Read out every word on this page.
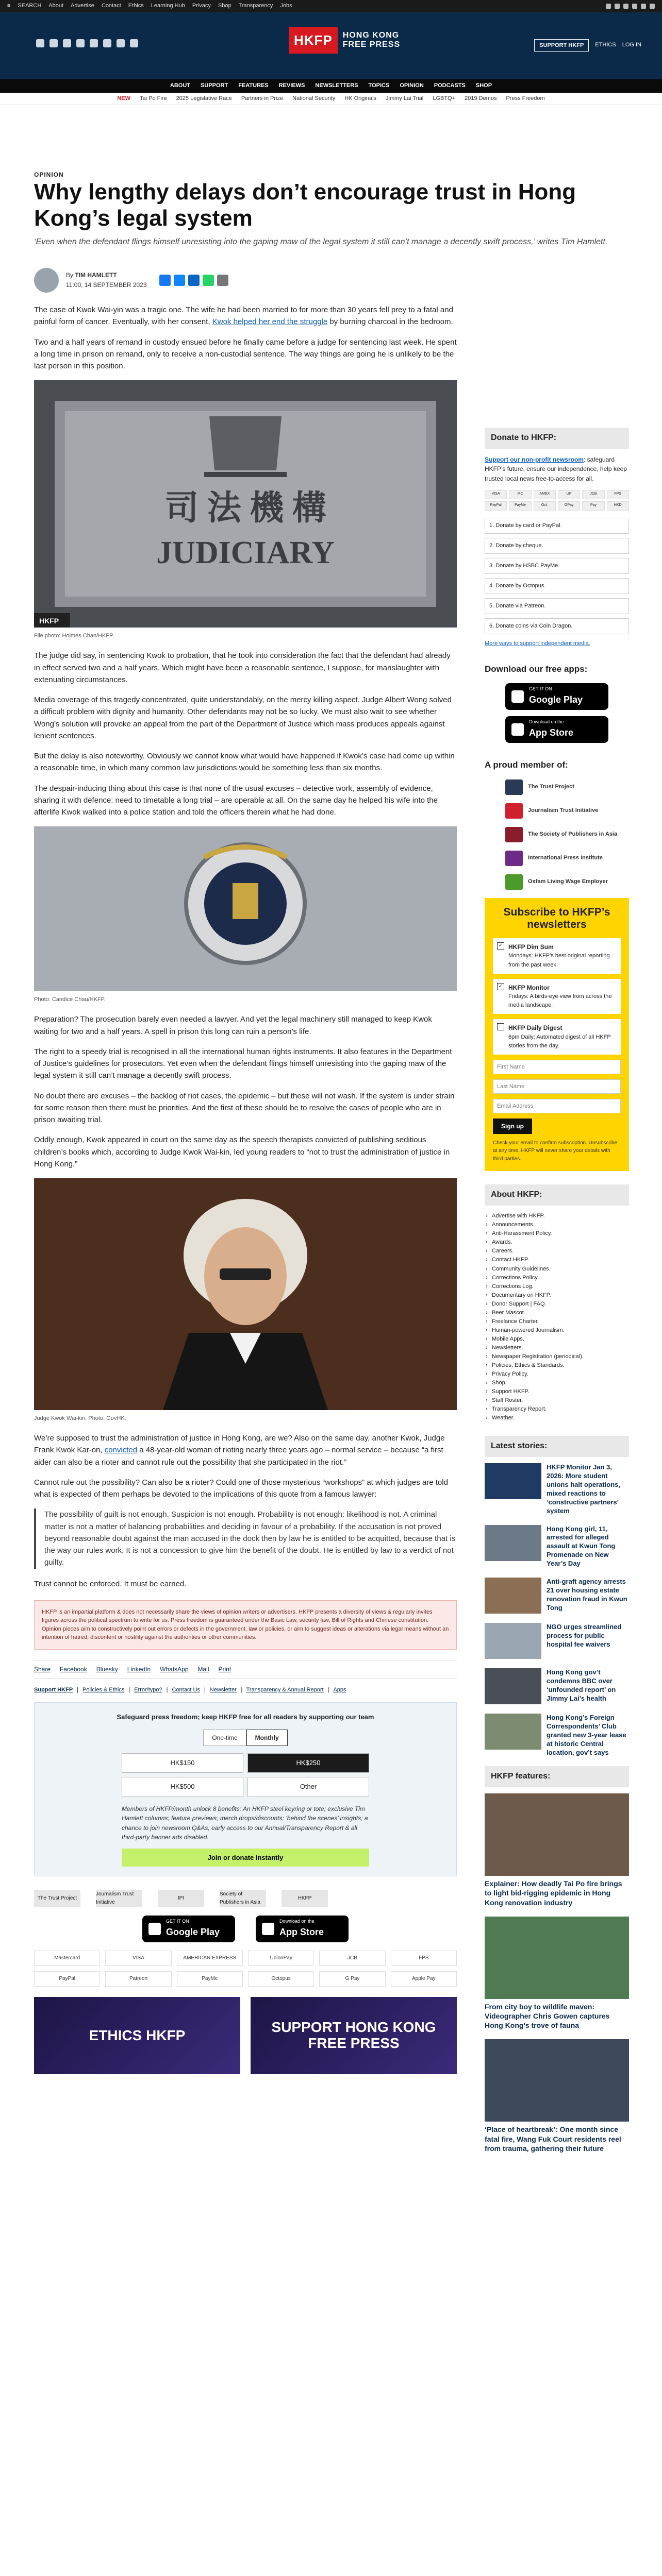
≡ SEARCH About Advertise Contact Ethics Learning Hub Privacy Shop Transparency Jobs
HKFP	HONG KONG
FREE PRESS	SUPPORT HKFP	ETHICS LOG IN
ABOUT SUPPORT FEATURES REVIEWS NEWSLETTERS TOPICS OPINION PODCASTS SHOP
NEW Tai Po Fire 2025 Legislative Race Partners in Prize National Security HK Originals Jimmy Lai Trial LGBTQ+ 2019 Demos Press Freedom
OPINION
Why lengthy delays don’t encourage trust in Hong Kong’s legal system
‘Even when the defendant flings himself unresisting into the gaping maw of the legal system it still can’t manage a decently swift process,’ writes Tim Hamlett.
By TIM HAMLETT
11:00, 14 SEPTEMBER 2023

The case of Kwok Wai-yin was a tragic one. The wife he had been married to for more than 30 years fell prey to a fatal and painful form of cancer. Eventually, with her consent, Kwok helped her end the struggle by burning charcoal in the bedroom.

Two and a half years of remand in custody ensued before he finally came before a judge for sentencing last week. He spent a long time in prison on remand, only to receive a non-custodial sentence. The way things are going he is unlikely to be the last person in this position.

司 法 機 構
JUDICIARY
HKFP
File photo: Holmes Chan/HKFP.

The judge did say, in sentencing Kwok to probation, that he took into consideration the fact that the defendant had already in effect served two and a half years. Which might have been a reasonable sentence, I suppose, for manslaughter with extenuating circumstances.

Media coverage of this tragedy concentrated, quite understandably, on the mercy killing aspect. Judge Albert Wong solved a difficult problem with dignity and humanity. Other defendants may not be so lucky. We must also wait to see whether Wong’s solution will provoke an appeal from the part of the Department of Justice which mass produces appeals against lenient sentences.

But the delay is also noteworthy. Obviously we cannot know what would have happened if Kwok’s case had come up within a reasonable time, in which many common law jurisdictions would be something less than six months.

The despair-inducing thing about this case is that none of the usual excuses – detective work, assembly of evidence, sharing it with defence: need to timetable a long trial – are operable at all. On the same day he helped his wife into the afterlife Kwok walked into a police station and told the officers therein what he had done.

Photo: Candice Chau/HKFP.

Preparation? The prosecution barely even needed a lawyer. And yet the legal machinery still managed to keep Kwok waiting for two and a half years. A spell in prison this long can ruin a person’s life.

The right to a speedy trial is recognised in all the international human rights instruments. It also features in the Department of Justice’s guidelines for prosecutors. Yet even when the defendant flings himself unresisting into the gaping maw of the legal system it still can’t manage a decently swift process.

No doubt there are excuses – the backlog of riot cases, the epidemic – but these will not wash. If the system is under strain for some reason then there must be priorities. And the first of these should be to resolve the cases of people who are in prison awaiting trial.

Oddly enough, Kwok appeared in court on the same day as the speech therapists convicted of publishing seditious children’s books which, according to Judge Kwok Wai-kin, led young readers to “not to trust the administration of justice in Hong Kong.”

Judge Kwok Wai-kin. Photo: GovHK.

We’re supposed to trust the administration of justice in Hong Kong, are we? Also on the same day, another Kwok, Judge Frank Kwok Kar-on, convicted a 48-year-old woman of rioting nearly three years ago – normal service – because “a first aider can also be a rioter and cannot rule out the possibility that she participated in the riot.”

Cannot rule out the possibility? Can also be a rioter? Could one of those mysterious “workshops” at which judges are told what is expected of them perhaps be devoted to the implications of this quote from a famous lawyer:

The possibility of guilt is not enough. Suspicion is not enough. Probability is not enough: likelihood is not. A criminal matter is not a matter of balancing probabilities and deciding in favour of a probability. If the accusation is not proved beyond reasonable doubt against the man accused in the dock then by law he is entitled to be acquitted, because that is the way our rules work. It is not a concession to give him the benefit of the doubt. He is entitled by law to a verdict of not guilty.

Trust cannot be enforced. It must be earned.

HKFP is an impartial platform & does not necessarily share the views of opinion writers or advertisers. HKFP presents a diversity of views & regularly invites figures across the political spectrum to write for us. Press freedom is guaranteed under the Basic Law, security law, Bill of Rights and Chinese constitution. Opinion pieces aim to constructively point out errors or defects in the government, law or policies, or aim to suggest ideas or alterations via legal means without an intention of hatred, discontent or hostility against the authorities or other communities.
Share Facebook Bluesky LinkedIn WhatsApp Mail Print
Support HKFP | Policies & Ethics | Error/typo? | Contact Us | Newsletter | Transparency & Annual Report | Apps
Safeguard press freedom; keep HKFP free for all readers by supporting our team
One-time	Monthly
HK$150	HK$250
HK$500	Other
Members of HKFP/month unlock 8 benefits: An HKFP steel keyring or tote; exclusive Tim Hamlett columns; feature previews; merch drops/discounts; ‘behind the scenes’ insights; a chance to join newsroom Q&As; early access to our Annual/Transparency Report & all third-party banner ads disabled.
Join or donate instantly
The Trust Project
Journalism Trust Initiative
IPI
Society of Publishers in Asia
HKFP
GET IT ON
Google Play
Download on the
App Store
Mastercard	VISA	AMERICAN EXPRESS	UnionPay	JCB	FPS
PayPal	Patreon	PayMe	Octopus	G Pay	Apple Pay
ETHICS HKFP	SUPPORT HONG KONG FREE PRESS
Donate to HKFP:
Support our non-profit newsroom: safeguard HKFP’s future, ensure our independence, help keep trusted local news free-to-access for all.
VISA	MC	AMEX	UP	JCB	FPS
PayPal	PayMe	Oct.	GPay	Pay	HKD
1. Donate by card or PayPal.
2. Donate by cheque.
3. Donate by HSBC PayMe.
4. Donate by Octopus.
5. Donate via Patreon.
6. Donate coins via Coin Dragon.
More ways to support independent media.
Download our free apps:
GET IT ON
Google Play
Download on the
App Store
A proud member of:
The Trust Project
Journalism Trust Initiative
The Society of Publishers in Asia
International Press Institute
Oxfam Living Wage Employer
Subscribe to HKFP’s newsletters
✓ HKFP Dim Sum
Mondays: HKFP’s best original reporting from the past week.
✓ HKFP Monitor
Fridays: A birds-eye view from across the media landscape.
HKFP Daily Digest
6pm Daily: Automated digest of all HKFP stories from the day.
First Name
Last Name
Email Address Sign up
Check your email to confirm subscription. Unsubscribe at any time. HKFP will never share your details with third parties.
About HKFP:
› Advertise with HKFP.
› Announcements.
› Anti-Harassment Policy.
› Awards.
› Careers.
› Contact HKFP.
› Community Guidelines.
› Corrections Policy.
› Corrections Log.
› Documentary on HKFP.
› Donor Support | FAQ.
› Beer Mascot.
› Freelance Charter.
› Human-powered Journalism.
› Mobile Apps.
› Newsletters.
› Newspaper Registration (periodical).
› Policies, Ethics & Standards.
› Privacy Policy.
› Shop.
› Support HKFP.
› Staff Roster.
› Transparency Report.
› Weather.
Latest stories:
HKFP Monitor Jan 3, 2026: More student unions halt operations, mixed reactions to ‘constructive partners’ system
Hong Kong girl, 11, arrested for alleged assault at Kwun Tong Promenade on New Year’s Day
Anti-graft agency arrests 21 over housing estate renovation fraud in Kwun Tong
NGO urges streamlined process for public hospital fee waivers
Hong Kong gov’t condemns BBC over ‘unfounded report’ on Jimmy Lai’s health
Hong Kong’s Foreign Correspondents’ Club granted new 3-year lease at historic Central location, gov’t says
HKFP features:
Explainer: How deadly Tai Po fire brings to light bid-rigging epidemic in Hong Kong renovation industry
From city boy to wildlife maven: Videographer Chris Gowen captures Hong Kong’s trove of fauna
‘Place of heartbreak’: One month since fatal fire, Wang Fuk Court residents reel from trauma, gathering their future
